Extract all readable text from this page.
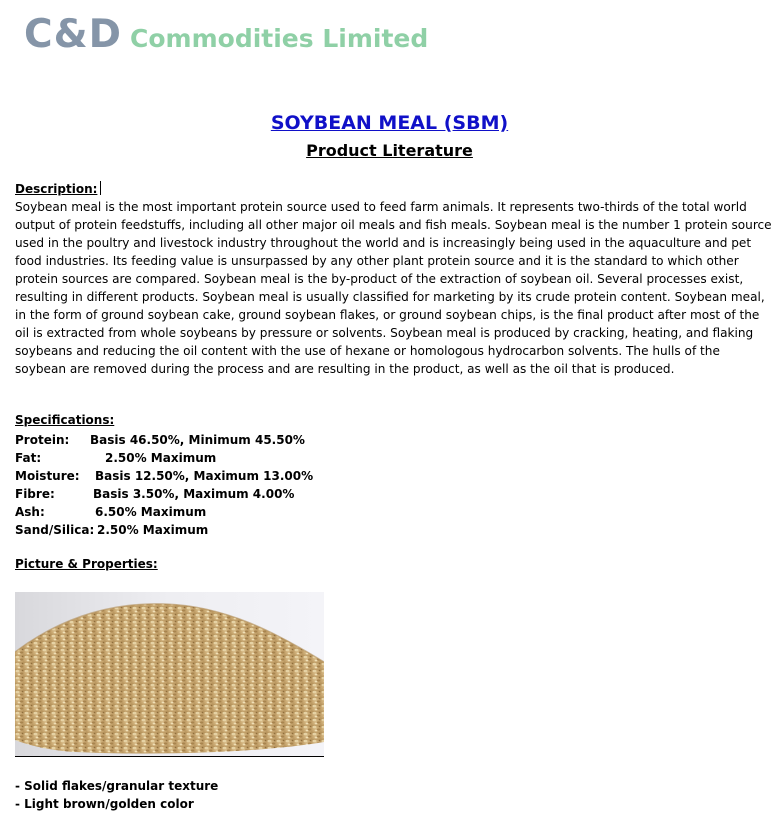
C&D Commodities Limited
SOYBEAN MEAL (SBM)
Product Literature
Description:
Soybean meal is the most important protein source used to feed farm animals. It represents two-thirds of the total world output of protein feedstuffs, including all other major oil meals and fish meals. Soybean meal is the number 1 protein source used in the poultry and livestock industry throughout the world and is increasingly being used in the aquaculture and pet food industries. Its feeding value is unsurpassed by any other plant protein source and it is the standard to which other protein sources are compared. Soybean meal is the by-product of the extraction of soybean oil. Several processes exist, resulting in different products. Soybean meal is usually classified for marketing by its crude protein content. Soybean meal, in the form of ground soybean cake, ground soybean flakes, or ground soybean chips, is the final product after most of the oil is extracted from whole soybeans by pressure or solvents. Soybean meal is produced by cracking, heating, and flaking soybeans and reducing the oil content with the use of hexane or homologous hydrocarbon solvents. The hulls of the soybean are removed during the process and are resulting in the product, as well as the oil that is produced.
Specifications:
Protein: Basis 46.50%, Minimum 45.50%
Fat:	2.50% Maximum
Moisture: Basis 12.50%, Maximum 13.00%
Fibre:	Basis 3.50%, Maximum 4.00%
Ash:	6.50% Maximum
Sand/Silica: 2.50% Maximum
Picture & Properties:
- Solid flakes/granular texture
- Light brown/golden color
